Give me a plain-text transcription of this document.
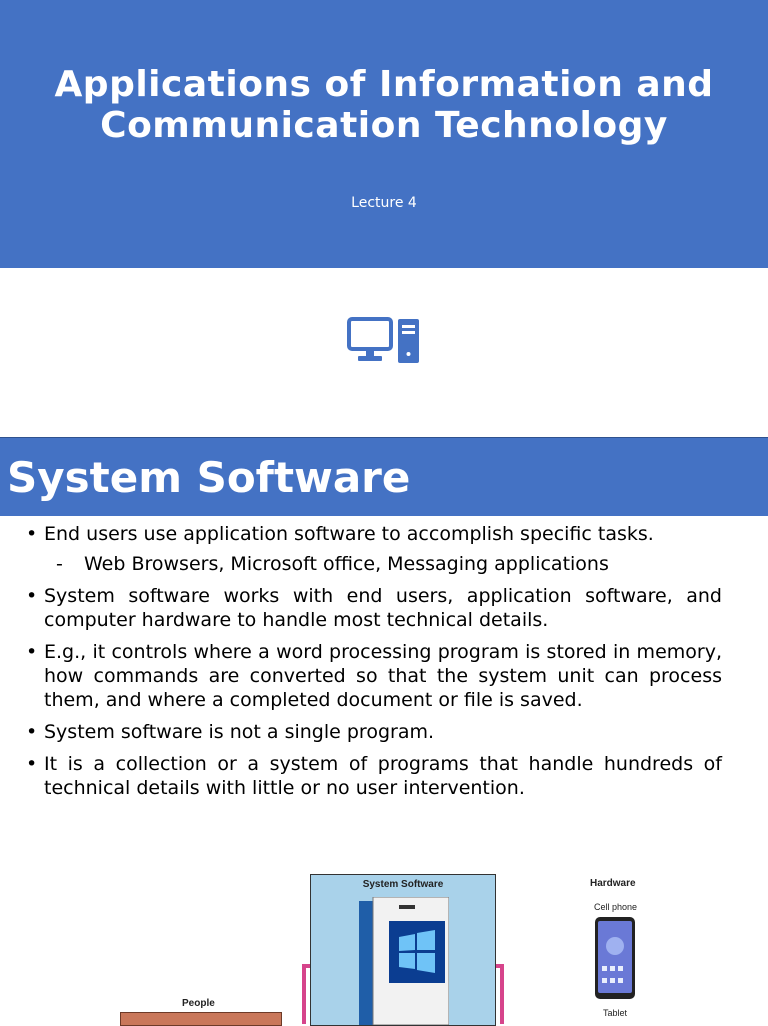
Applications of Information and Communication Technology
Lecture 4
System Software
• End users use application software to accomplish specific tasks.
- Web Browsers, Microsoft office, Messaging applications
• System software works with end users, application software, and computer hardware to handle most technical details.
• E.g., it controls where a word processing program is stored in memory, how commands are converted so that the system unit can process them, and where a completed document or file is saved.
• System software is not a single program.
• It is a collection or a system of programs that handle hundreds of technical details with little or no user intervention.
System Software	Hardware
Cell phone
Tablet
People
